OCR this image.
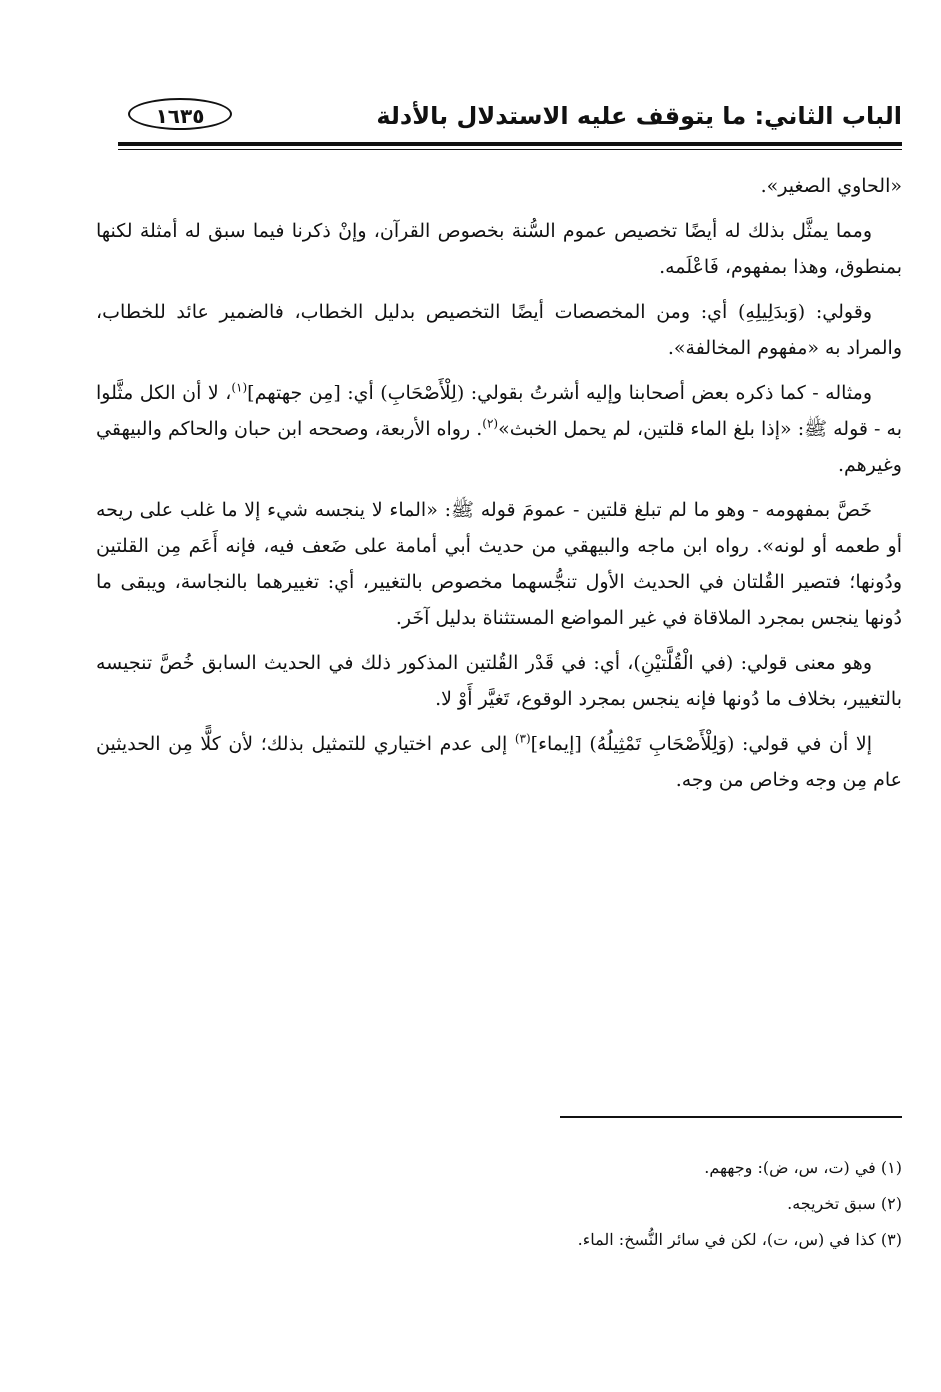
الباب الثاني: ما يتوقف عليه الاستدلال بالأدلة
١٦٣٥

«الحاوي الصغير».

ومما يمثَّل بذلك له أيضًا تخصيص عموم السُّنة بخصوص القرآن، وإنْ ذكرنا فيما سبق له أمثلة لكنها بمنطوق، وهذا بمفهوم، فَاعْلَمه.

وقولي: (وَبدَلِيلِهِ) أي: ومن المخصصات أيضًا التخصيص بدليل الخطاب، فالضمير عائد للخطاب، والمراد به «مفهوم المخالفة».

ومثاله - كما ذكره بعض أصحابنا وإليه أشرتُ بقولي: (لِلْأَصْحَابِ) أي: [مِن جهتهم]$^{(١)}$، لا أن الكل مثَّلوا به - قوله ﷺ: «إذا بلغ الماء قلتين، لم يحمل الخبث»$^{(٢)}$. رواه الأربعة، وصححه ابن حبان والحاكم والبيهقي وغيرهم.

خَصَّ بمفهومه - وهو ما لم تبلغ قلتين - عمومَ قوله ﷺ: «الماء لا ينجسه شيء إلا ما غلب على ريحه أو طعمه أو لونه». رواه ابن ماجه والبيهقي من حديث أبي أمامة على ضَعف فيه، فإنه أَعَم مِن القلتين ودُونها؛ فتصير القُلتان في الحديث الأول تنجُّسهما مخصوص بالتغيير، أي: تغييرهما بالنجاسة، ويبقى ما دُونها ينجس بمجرد الملاقاة في غير المواضع المستثناة بدليل آخَر.

وهو معنى قولي: (في الْقُلَّتيْنِ)، أي: في قَدْر القُلتين المذكور ذلك في الحديث السابق خُصَّ تنجيسه بالتغيير، بخلاف ما دُونها فإنه ينجس بمجرد الوقوع، تَغيَّر أَوْ لا.

إلا أن في قولي: (وَلِلْأَصْحَابِ تَمْثِيلُهُ) [إيماء]$^{(٣)}$ إلى عدم اختياري للتمثيل بذلك؛ لأن كلًّا مِن الحديثين عام مِن وجه وخاص من وجه.

(١) في (ت، س، ض): وجههم.

(٢) سبق تخريجه.

(٣) كذا في (س، ت)، لكن في سائر النُّسخ: الماء.
